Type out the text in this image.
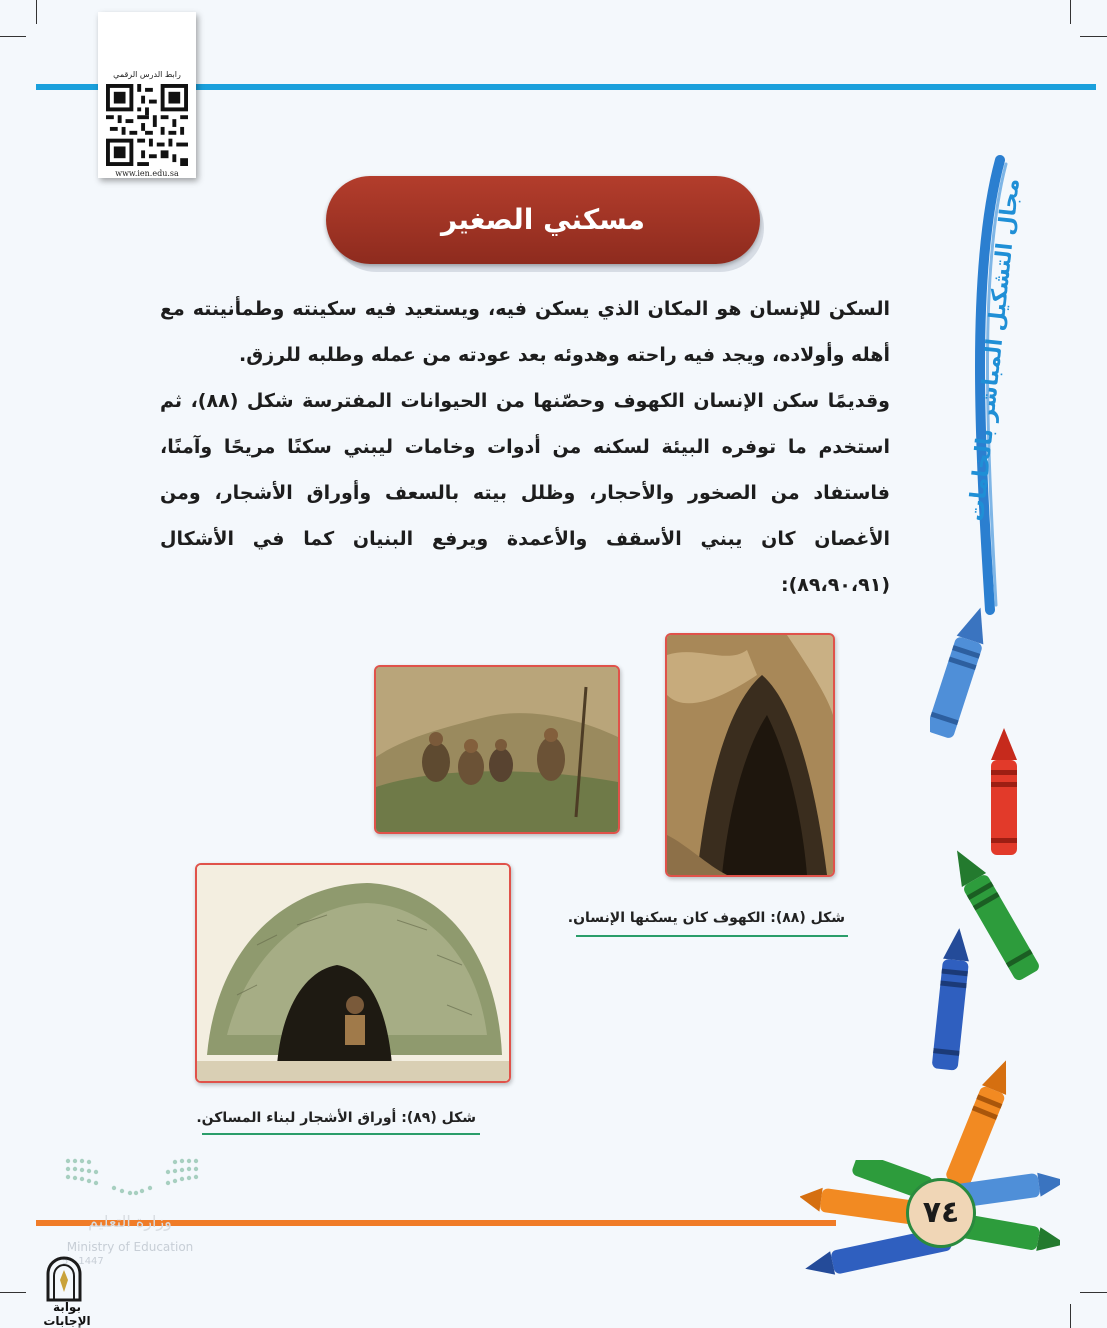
رابط الدرس الرقمي
www.ien.edu.sa
مسكني الصغير

السكن للإنسان هو المكان الذي يسكن فيه، ويستعيد فيه سكينته وطمأنينته مع أهله وأولاده، ويجد فيه راحته وهدوئه بعد عودته من عمله وطلبه للرزق.

وقديمًا سكن الإنسان الكهوف وحصّنها من الحيوانات المفترسة شكل (٨٨)، ثم استخدم ما توفره البيئة لسكنه من أدوات وخامات ليبني سكنًا مريحًا وآمنًا، فاستفاد من الصخور والأحجار، وظلل بيته بالسعف وأوراق الأشجار، ومن الأغصان كان يبني الأسقف والأعمدة ويرفع البنيان كما في الأشكال (٨٩،٩٠،٩١):

مجال التشكيل المباشر بالخامات
شكل (٨٨): الكهوف كان يسكنها الإنسان.
شكل (٨٩): أوراق الأشجار لبناء المساكن.
٧٤
وزارة التعليم
Ministry of Education
5 - 1447
بوابة الإجابات
